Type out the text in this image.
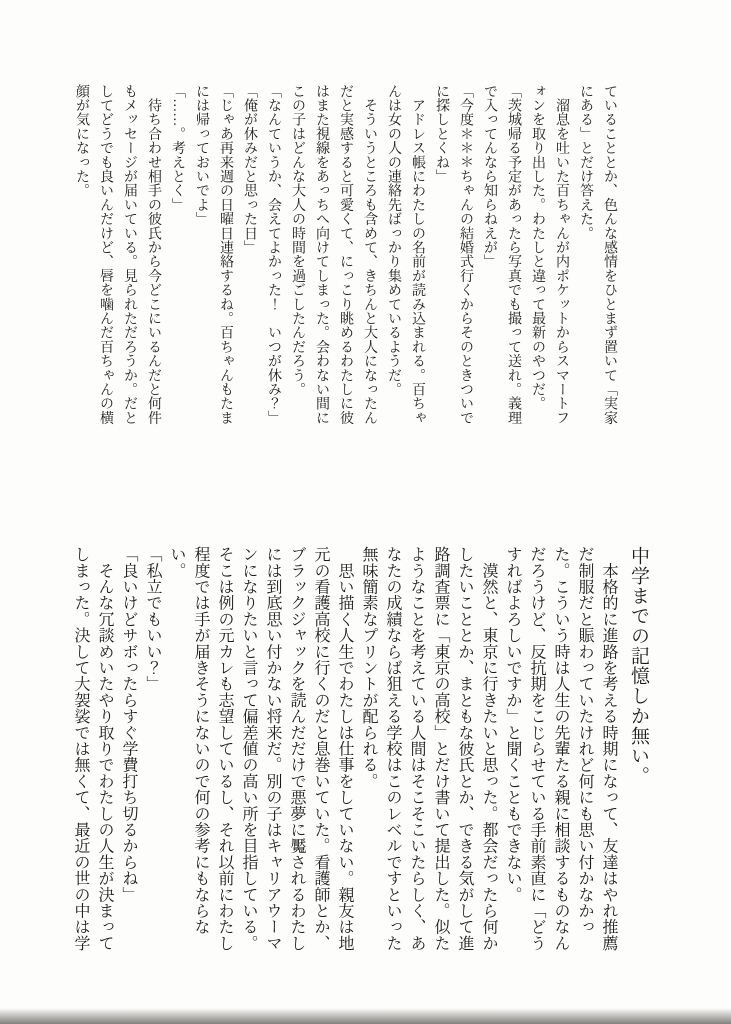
ていることとか、色んな感情をひとまず置いて「実家にある」とだけ答えた。

　溜息を吐いた百ちゃんが内ポケットからスマートフォンを取り出した。わたしと違って最新のやつだ。

「茨城帰る予定があったら写真でも撮って送れ。義理で入ってんなら知らねえが」

「今度＊＊＊ちゃんの結婚式行くからそのときついでに探しとくね」

　アドレス帳にわたしの名前が読み込まれる。百ちゃんは女の人の連絡先ばっかり集めているようだ。

　そういうところも含めて、きちんと大人になったんだと実感すると可愛くて、にっこり眺めるわたしに彼はまた視線をあっちへ向けてしまった。会わない間にこの子はどんな大人の時間を過ごしたんだろう。

「なんていうか、会えてよかった！　いつが休み？」

「俺が休みだと思った日」

「じゃあ再来週の日曜日連絡するね。百ちゃんもたまには帰っておいでよ」

「……。考えとく」

　待ち合わせ相手の彼氏から今どこにいるんだと何件もメッセージが届いている。見られただろうか。だとしてどうでも良いんだけど、唇を噛んだ百ちゃんの横顔が気になった。

中学までの記憶しか無い。

　本格的に進路を考える時期になって、友達はやれ推薦だ制服だと賑わっていたけれど何にも思い付かなかった。こういう時は人生の先輩たる親に相談するものなんだろうけど、反抗期をこじらせている手前素直に「どうすればよろしいですか」と聞くこともできない。

　漠然と、東京に行きたいと思った。都会だったら何かしたいこととか、まともな彼氏とか、できる気がして進路調査票に「東京の高校」とだけ書いて提出した。似たようなことを考えている人間はそこそこいたらしく、あなたの成績ならば狙える学校はこのレベルですといった無味簡素なプリントが配られる。

　思い描く人生でわたしは仕事をしていない。親友は地元の看護高校に行くのだと息巻いていた。看護師とか、ブラックジャックを読んだだけで悪夢に魘されるわたしには到底思い付かない将来だ。別の子はキャリアウーマンになりたいと言って偏差値の高い所を目指している。そこは例の元カレも志望しているし、それ以前にわたし程度では手が届きそうにないので何の参考にもならない。

「私立でもいい？」

「良いけどサボったらすぐ学費打ち切るからね」

　そんな冗談めいたやり取りでわたしの人生が決まってしまった。決して大袈裟では無くて、最近の世の中は学
